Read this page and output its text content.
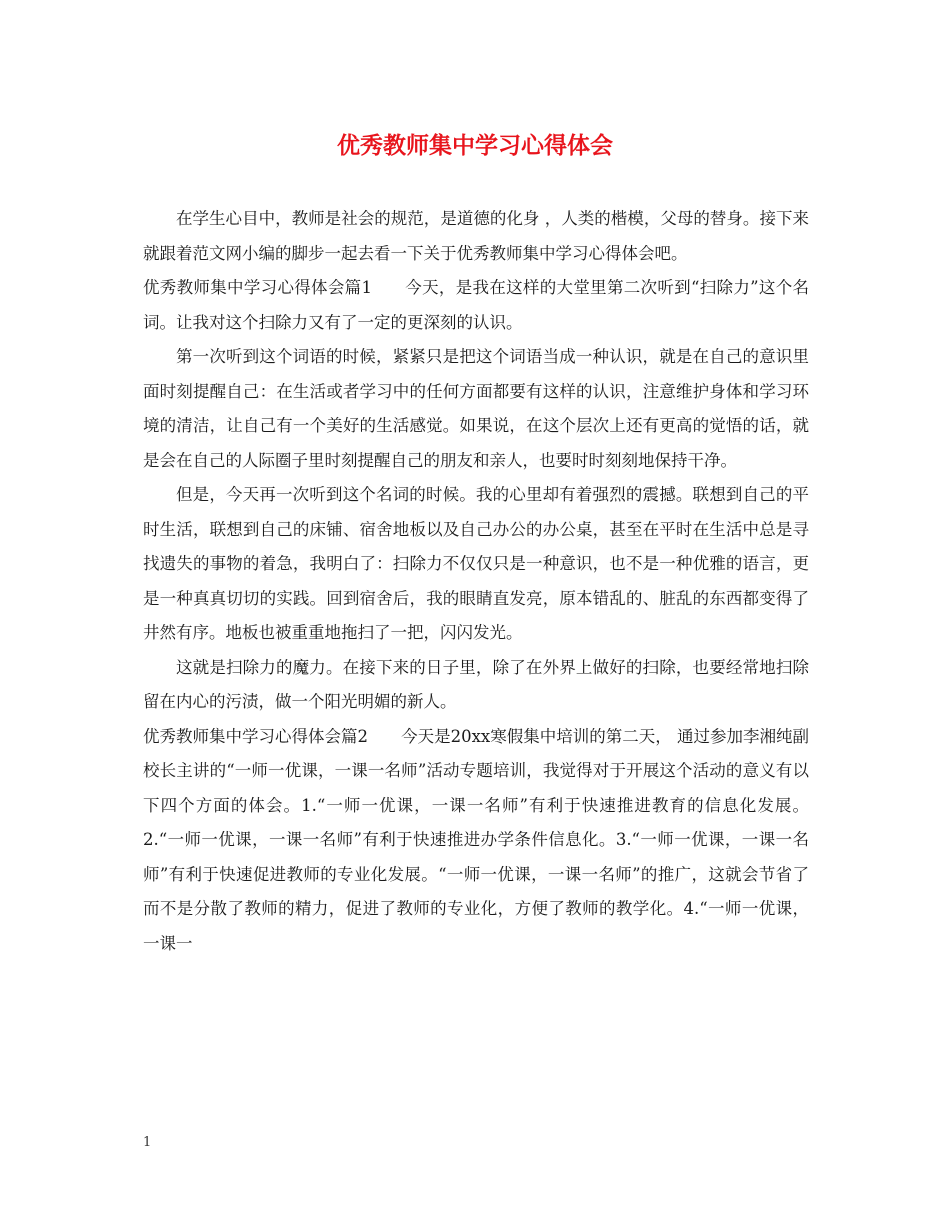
优秀教师集中学习心得体会

在学生心目中，教师是社会的规范，是道德的化身 ，人类的楷模，父母的替身。接下来就跟着范文网小编的脚步一起去看一下关于优秀教师集中学习心得体会吧。

优秀教师集中学习心得体会篇1 今天，是我在这样的大堂里第二次听到“扫除力”这个名词。让我对这个扫除力又有了一定的更深刻的认识。

第一次听到这个词语的时候，紧紧只是把这个词语当成一种认识，就是在自己的意识里面时刻提醒自己：在生活或者学习中的任何方面都要有这样的认识，注意维护身体和学习环境的清洁，让自己有一个美好的生活感觉。如果说，在这个层次上还有更高的觉悟的话，就是会在自己的人际圈子里时刻提醒自己的朋友和亲人，也要时时刻刻地保持干净。

但是，今天再一次听到这个名词的时候。我的心里却有着强烈的震撼。联想到自己的平时生活，联想到自己的床铺、宿舍地板以及自己办公的办公桌，甚至在平时在生活中总是寻找遗失的事物的着急，我明白了：扫除力不仅仅只是一种意识，也不是一种优雅的语言，更是一种真真切切的实践。回到宿舍后，我的眼睛直发亮，原本错乱的、脏乱的东西都变得了井然有序。地板也被重重地拖扫了一把，闪闪发光。

这就是扫除力的魔力。在接下来的日子里，除了在外界上做好的扫除，也要经常地扫除留在内心的污渍，做一个阳光明媚的新人。

优秀教师集中学习心得体会篇2 今天是20xx寒假集中培训的第二天， 通过参加李湘纯副校长主讲的“一师一优课，一课一名师”活动专题培训，我觉得对于开展这个活动的意义有以下四个方面的体会。1.“一师一优课，一课一名师”有利于快速推进教育的信息化发展。2.“一师一优课，一课一名师”有利于快速推进办学条件信息化。3.“一师一优课，一课一名师”有利于快速促进教师的专业化发展。“一师一优课，一课一名师”的推广，这就会节省了而不是分散了教师的精力，促进了教师的专业化，方便了教师的教学化。4.“一师一优课，一课一

1
